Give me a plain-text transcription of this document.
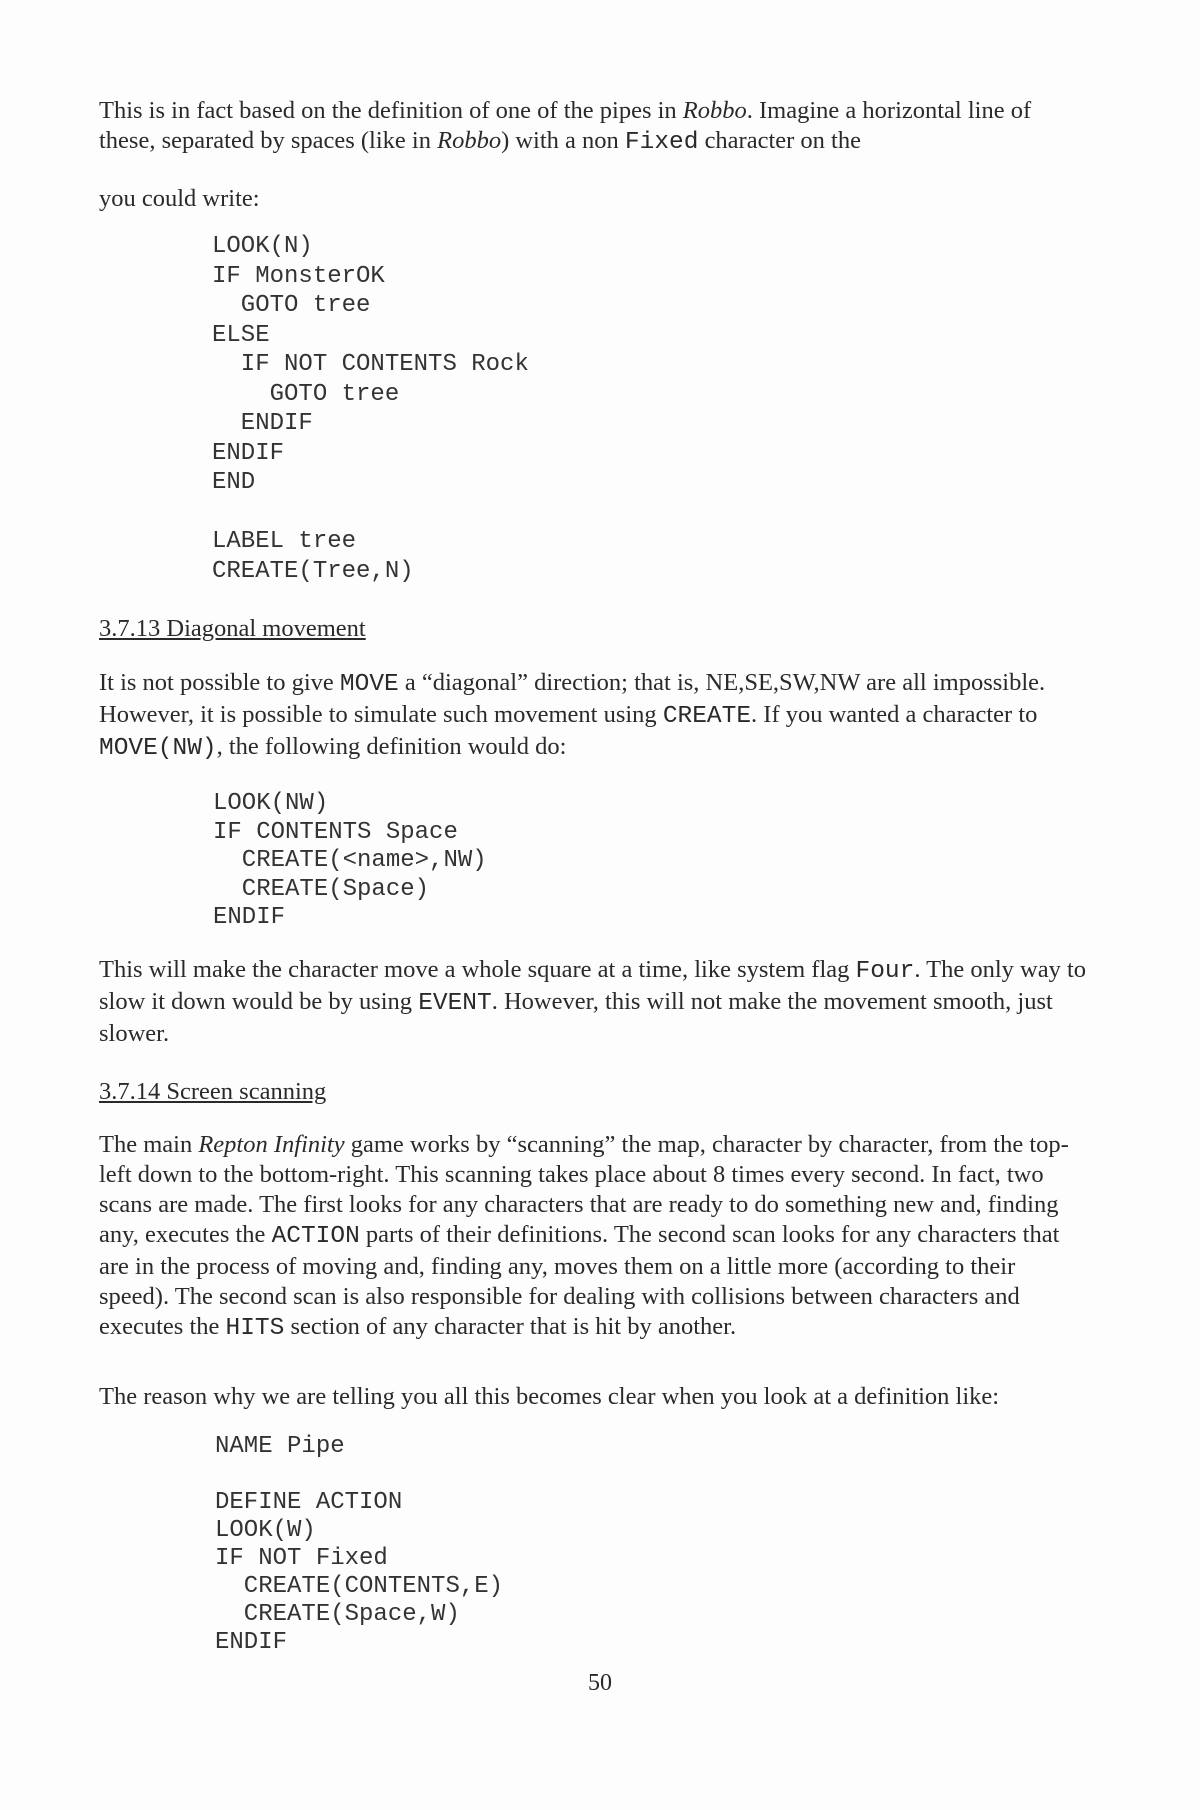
This is in fact based on the definition of one of the pipes in Robbo. Imagine a horizontal line of these, separated by spaces (like in Robbo) with a non Fixed character on the

you could write:

LOOK(N)
IF MonsterOK
GOTO tree
ELSE
IF NOT CONTENTS Rock
GOTO tree
ENDIF
ENDIF
END

LABEL tree
CREATE(Tree,N)
3.7.13 Diagonal movement

It is not possible to give MOVE a “diagonal” direction; that is, NE,SE,SW,NW are all impossible. However, it is possible to simulate such movement using CREATE. If you wanted a character to MOVE(NW), the following definition would do:

LOOK(NW)
IF CONTENTS Space
CREATE(<name>,NW)
CREATE(Space)
ENDIF

This will make the character move a whole square at a time, like system flag Four. The only way to slow it down would be by using EVENT. However, this will not make the movement smooth, just slower.

3.7.14 Screen scanning

The main Repton Infinity game works by “scanning” the map, character by character, from the top-left down to the bottom-right. This scanning takes place about 8 times every second. In fact, two scans are made. The first looks for any characters that are ready to do something new and, finding any, executes the ACTION parts of their definitions. The second scan looks for any characters that are in the process of moving and, finding any, moves them on a little more (according to their speed). The second scan is also responsible for dealing with collisions between characters and executes the HITS section of any character that is hit by another.

The reason why we are telling you all this becomes clear when you look at a definition like:

NAME Pipe

DEFINE ACTION
LOOK(W)
IF NOT Fixed
CREATE(CONTENTS,E)
CREATE(Space,W)
ENDIF
50
